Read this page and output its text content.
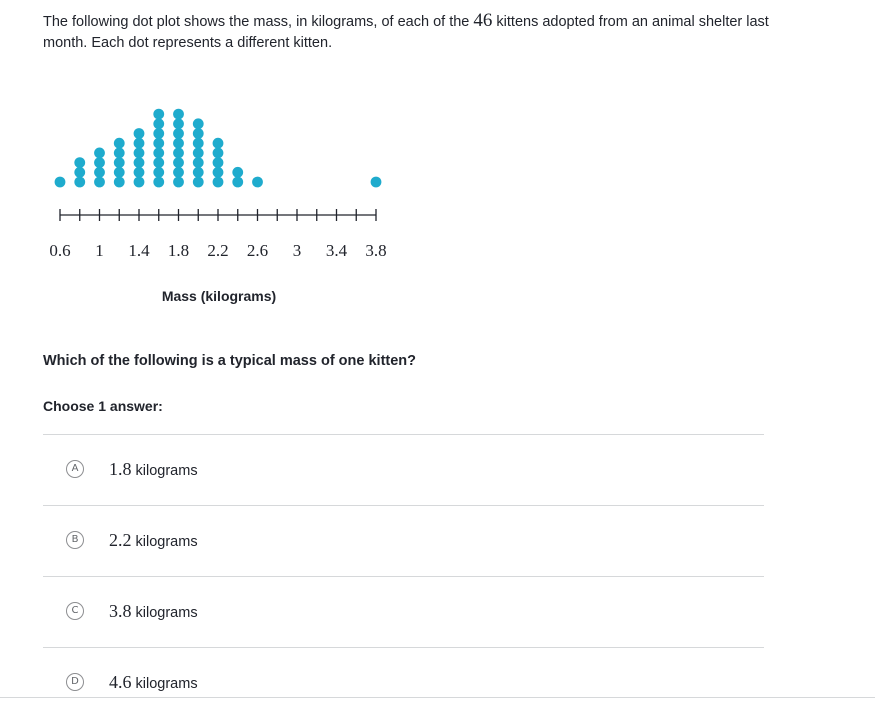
The following dot plot shows the mass, in kilograms, of each of the 46 kittens adopted from an animal shelter last month. Each dot represents a different kitten.
0.6 1 1.4 1.8 2.2 2.6 3 3.4 3.8
Mass (kilograms)
Which of the following is a typical mass of one kitten?
Choose 1 answer:
A	1.8 kilograms
B	2.2 kilograms
C	3.8 kilograms
D 4.6 kilograms
